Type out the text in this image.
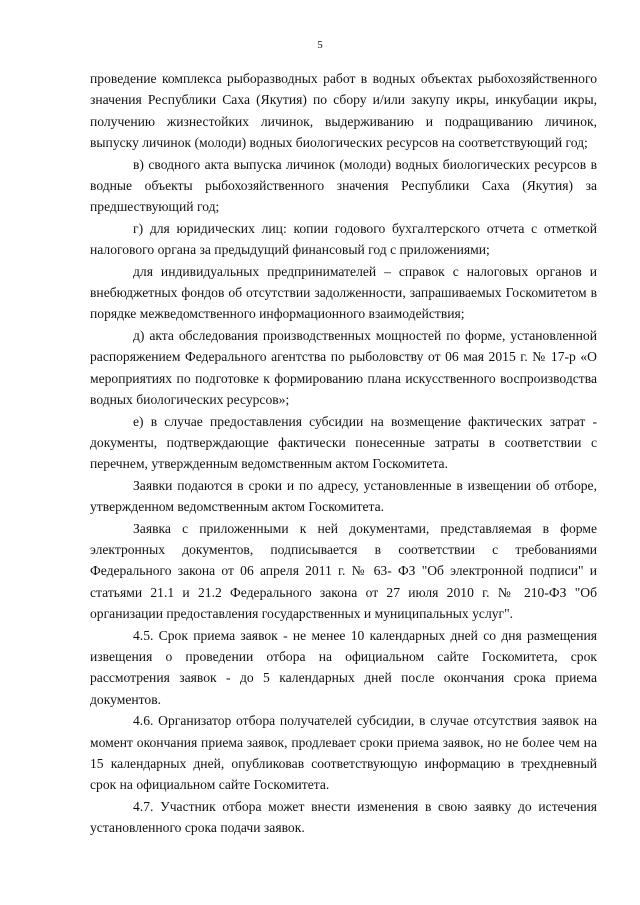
5

проведение комплекса рыборазводных работ в водных объектах рыбохозяйственного значения Республики Саха (Якутия) по сбору и/или закупу икры, инкубации икры, получению жизнестойких личинок, выдерживанию и подращиванию личинок, выпуску личинок (молоди) водных биологических ресурсов на соответствующий год;

в) сводного акта выпуска личинок (молоди) водных биологических ресурсов в водные объекты рыбохозяйственного значения Республики Саха (Якутия) за предшествующий год;

г) для юридических лиц: копии годового бухгалтерского отчета с отметкой налогового органа за предыдущий финансовый год с приложениями;

для индивидуальных предпринимателей – справок с налоговых органов и внебюджетных фондов об отсутствии задолженности, запрашиваемых Госкомитетом в порядке межведомственного информационного взаимодействия;

д) акта обследования производственных мощностей по форме, установленной распоряжением Федерального агентства по рыболовству от 06 мая 2015 г. № 17-р «О мероприятиях по подготовке к формированию плана искусственного воспроизводства водных биологических ресурсов»;

е) в случае предоставления субсидии на возмещение фактических затрат - документы, подтверждающие фактически понесенные затраты в соответствии с перечнем, утвержденным ведомственным актом Госкомитета.

Заявки подаются в сроки и по адресу, установленные в извещении об отборе, утвержденном ведомственным актом Госкомитета.

Заявка с приложенными к ней документами, представляемая в форме электронных документов, подписывается в соответствии с требованиями Федерального закона от 06 апреля 2011 г. № 63- ФЗ "Об электронной подписи" и статьями 21.1 и 21.2 Федерального закона от 27 июля 2010 г. № 210-ФЗ "Об организации предоставления государственных и муниципальных услуг".

4.5. Срок приема заявок - не менее 10 календарных дней со дня размещения извещения о проведении отбора на официальном сайте Госкомитета, срок рассмотрения заявок - до 5 календарных дней после окончания срока приема документов.

4.6. Организатор отбора получателей субсидии, в случае отсутствия заявок на момент окончания приема заявок, продлевает сроки приема заявок, но не более чем на 15 календарных дней, опубликовав соответствующую информацию в трехдневный срок на официальном сайте Госкомитета.

4.7. Участник отбора может внести изменения в свою заявку до истечения установленного срока подачи заявок.
